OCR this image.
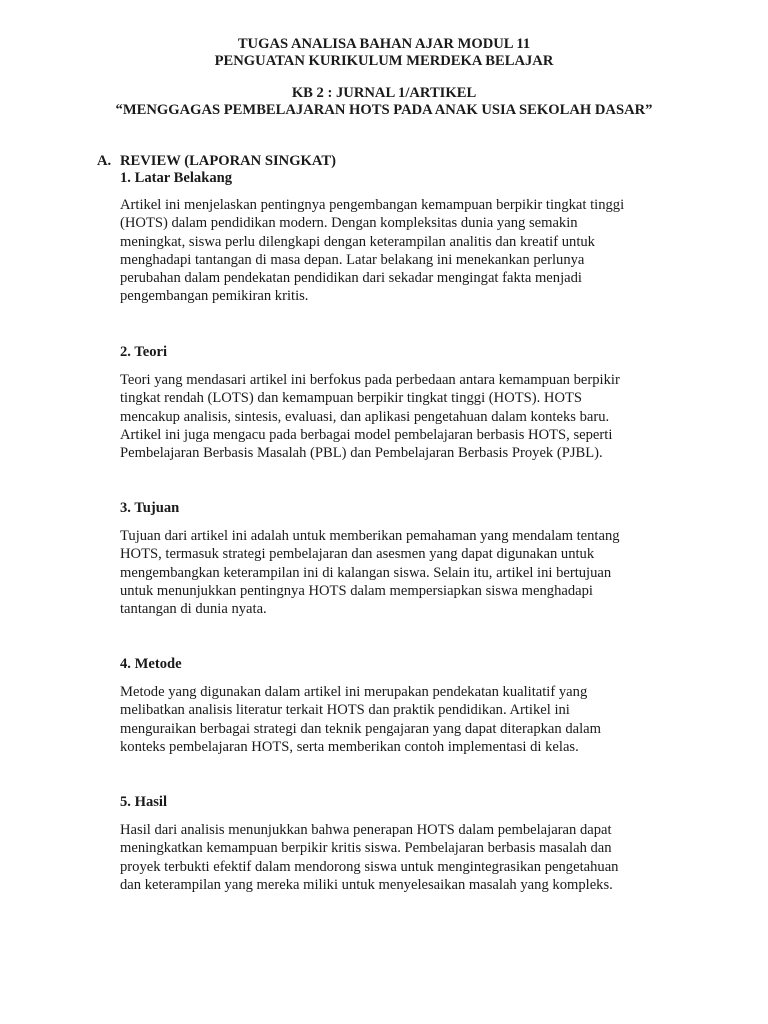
TUGAS ANALISA BAHAN AJAR MODUL 11
PENGUATAN KURIKULUM MERDEKA BELAJAR
KB 2 : JURNAL 1/ARTIKEL
“MENGGAGAS PEMBELAJARAN HOTS PADA ANAK USIA SEKOLAH DASAR”
A. REVIEW (LAPORAN SINGKAT)
1. Latar Belakang
Artikel ini menjelaskan pentingnya pengembangan kemampuan berpikir tingkat tinggi
(HOTS) dalam pendidikan modern. Dengan kompleksitas dunia yang semakin
meningkat, siswa perlu dilengkapi dengan keterampilan analitis dan kreatif untuk
menghadapi tantangan di masa depan. Latar belakang ini menekankan perlunya
perubahan dalam pendekatan pendidikan dari sekadar mengingat fakta menjadi
pengembangan pemikiran kritis.
2. Teori
Teori yang mendasari artikel ini berfokus pada perbedaan antara kemampuan berpikir
tingkat rendah (LOTS) dan kemampuan berpikir tingkat tinggi (HOTS). HOTS
mencakup analisis, sintesis, evaluasi, dan aplikasi pengetahuan dalam konteks baru.
Artikel ini juga mengacu pada berbagai model pembelajaran berbasis HOTS, seperti
Pembelajaran Berbasis Masalah (PBL) dan Pembelajaran Berbasis Proyek (PJBL).
3. Tujuan
Tujuan dari artikel ini adalah untuk memberikan pemahaman yang mendalam tentang
HOTS, termasuk strategi pembelajaran dan asesmen yang dapat digunakan untuk
mengembangkan keterampilan ini di kalangan siswa. Selain itu, artikel ini bertujuan
untuk menunjukkan pentingnya HOTS dalam mempersiapkan siswa menghadapi
tantangan di dunia nyata.
4. Metode
Metode yang digunakan dalam artikel ini merupakan pendekatan kualitatif yang
melibatkan analisis literatur terkait HOTS dan praktik pendidikan. Artikel ini
menguraikan berbagai strategi dan teknik pengajaran yang dapat diterapkan dalam
konteks pembelajaran HOTS, serta memberikan contoh implementasi di kelas.
5. Hasil
Hasil dari analisis menunjukkan bahwa penerapan HOTS dalam pembelajaran dapat
meningkatkan kemampuan berpikir kritis siswa. Pembelajaran berbasis masalah dan
proyek terbukti efektif dalam mendorong siswa untuk mengintegrasikan pengetahuan
dan keterampilan yang mereka miliki untuk menyelesaikan masalah yang kompleks.
